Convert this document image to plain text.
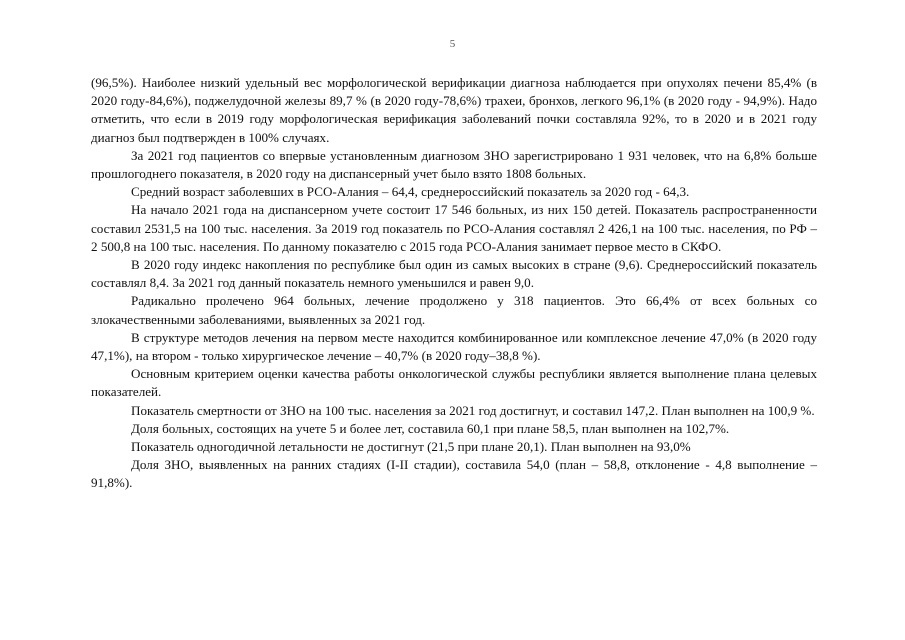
5

(96,5%). Наиболее низкий удельный вес морфологической верификации диагноза наблюдается при опухолях печени 85,4% (в 2020 году-84,6%), поджелудочной железы 89,7 % (в 2020 году-78,6%) трахеи, бронхов, легкого 96,1% (в 2020 году - 94,9%). Надо отметить, что если в 2019 году морфологическая верификация заболеваний почки составляла 92%, то в 2020 и в 2021 году диагноз был подтвержден в 100% случаях.

За 2021 год пациентов со впервые установленным диагнозом ЗНО зарегистрировано 1 931 человек, что на 6,8% больше прошлогоднего показателя, в 2020 году на диспансерный учет было взято 1808 больных.

Средний возраст заболевших в РСО-Алания – 64,4, среднероссийский показатель за 2020 год - 64,3.

На начало 2021 года на диспансерном учете состоит 17 546 больных, из них 150 детей. Показатель распространенности составил 2531,5 на 100 тыс. населения. За 2019 год показатель по РСО-Алания составлял 2 426,1 на 100 тыс. населения, по РФ – 2 500,8 на 100 тыс. населения. По данному показателю с 2015 года РСО-Алания занимает первое место в СКФО.

В 2020 году индекс накопления по республике был один из самых высоких в стране (9,6). Среднероссийский показатель составлял 8,4. За 2021 год данный показатель немного уменьшился и равен 9,0.

Радикально пролечено 964 больных, лечение продолжено у 318 пациентов. Это 66,4% от всех больных со злокачественными заболеваниями, выявленных за 2021 год.

В структуре методов лечения на первом месте находится комбинированное или комплексное лечение 47,0% (в 2020 году 47,1%), на втором - только хирургическое лечение – 40,7% (в 2020 году–38,8 %).

Основным критерием оценки качества работы онкологической службы республики является выполнение плана целевых показателей.

Показатель смертности от ЗНО на 100 тыс. населения за 2021 год достигнут, и составил 147,2. План выполнен на 100,9 %.

Доля больных, состоящих на учете 5 и более лет, составила 60,1 при плане 58,5, план выполнен на 102,7%.

Показатель одногодичной летальности не достигнут (21,5 при плане 20,1). План выполнен на 93,0%

Доля ЗНО, выявленных на ранних стадиях (I-II стадии), составила 54,0 (план – 58,8, отклонение - 4,8 выполнение – 91,8%).
